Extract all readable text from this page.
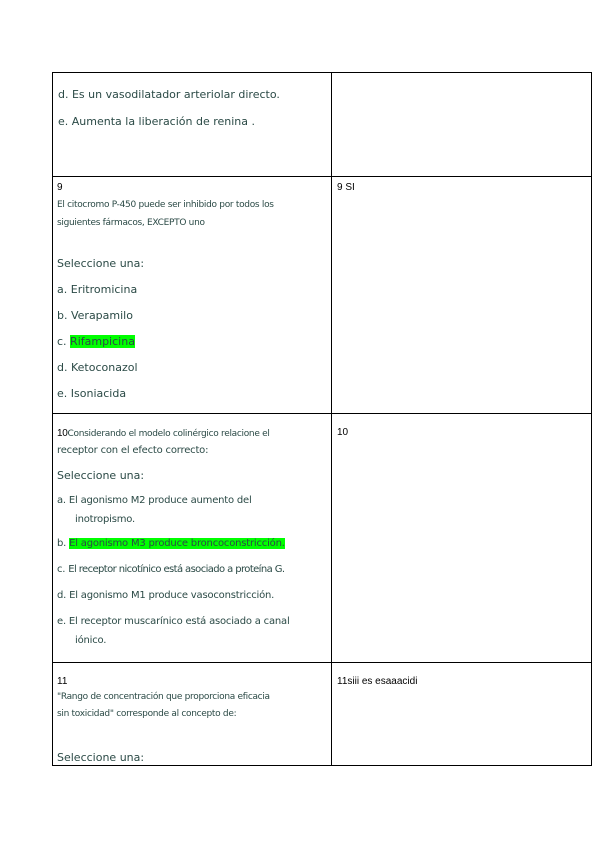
d. Es un vasodilatador arteriolar directo.
e. Aumenta la liberación de renina .
9
El citocromo P-450 puede ser inhibido por todos los
siguientes fármacos, EXCEPTO uno
Seleccione una:
a. Eritromicina
b. Verapamilo
c. Rifampicina
d. Ketoconazol
e. Isoniacida
9 SI
10Considerando el modelo colinérgico relacione el
receptor con el efecto correcto:
Seleccione una:
a. El agonismo M2 produce aumento del
inotropismo.
b. El agonismo M3 produce broncoconstricción.
c. El receptor nicotínico está asociado a proteína G.
d. El agonismo M1 produce vasoconstricción.
e. El receptor muscarínico está asociado a canal
iónico.
10
11
"Rango de concentración que proporciona eficacia
sin toxicidad" corresponde al concepto de:
Seleccione una:
11siii es esaaacidi
